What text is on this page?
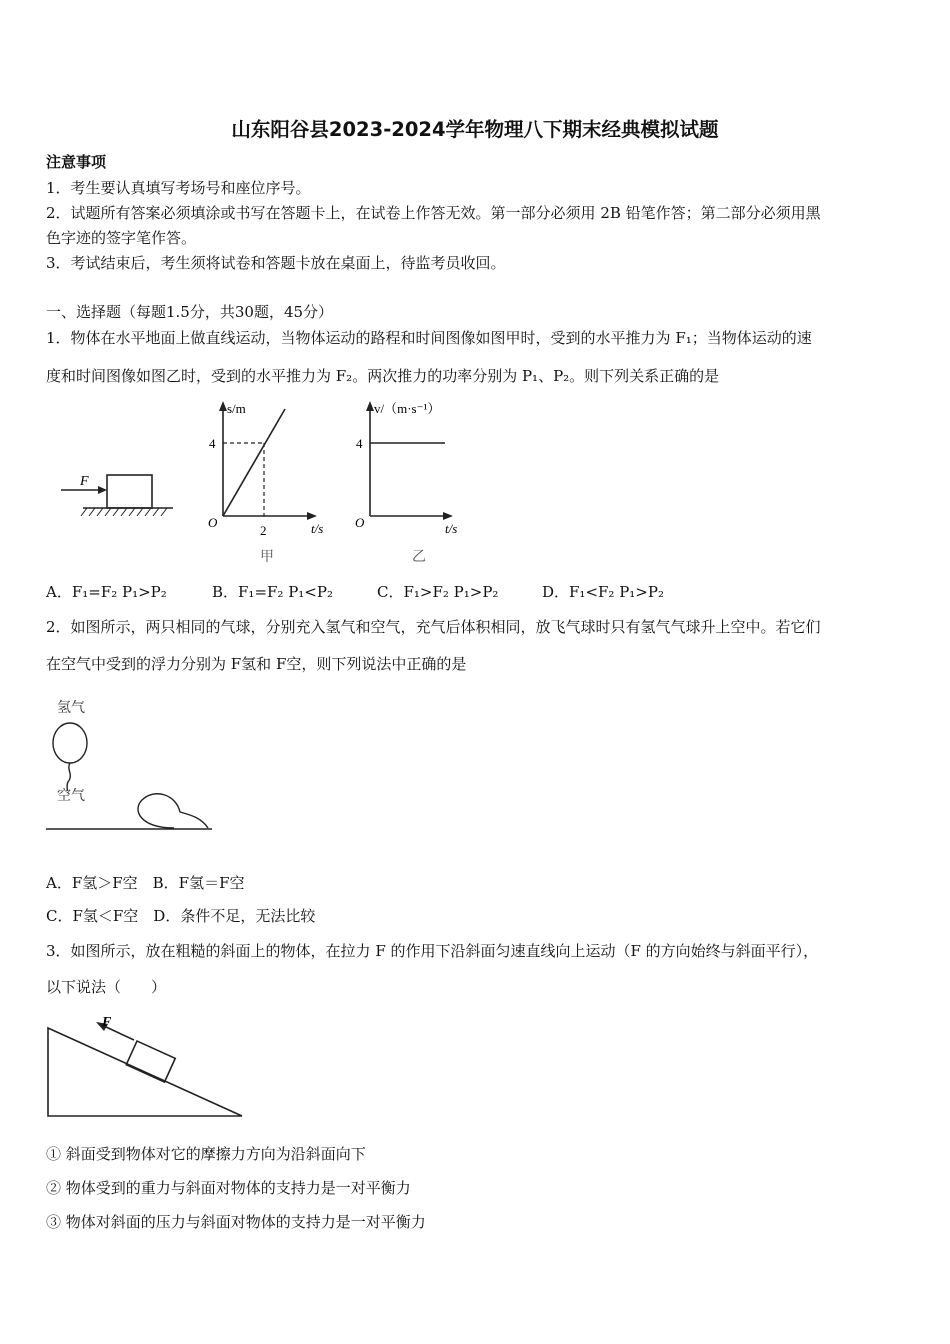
山东阳谷县2023-2024学年物理八下期末经典模拟试题
注意事项
1．考生要认真填写考场号和座位序号。
2．试题所有答案必须填涂或书写在答题卡上，在试卷上作答无效。第一部分必须用 2B 铅笔作答；第二部分必须用黑
色字迹的签字笔作答。
3．考试结束后，考生须将试卷和答题卡放在桌面上，待监考员收回。
一、选择题（每题1.5分，共30题，45分）
1．物体在水平地面上做直线运动，当物体运动的路程和时间图像如图甲时，受到的水平推力为 F₁；当物体运动的速
度和时间图像如图乙时，受到的水平推力为 F₂。两次推力的功率分别为 P₁、P₂。则下列关系正确的是
F
s/m
t/s
O
4
2
甲
v/（m·s⁻¹）
t/s
O
4
乙
A．F₁=F₂ P₁>P₂	B．F₁=F₂ P₁<P₂	C．F₁>F₂ P₁>P₂	D．F₁<F₂ P₁>P₂
2．如图所示，两只相同的气球，分别充入氢气和空气，充气后体积相同，放飞气球时只有氢气气球升上空中。若它们
在空气中受到的浮力分别为 F氢和 F空，则下列说法中正确的是
氢气
空气
A．F氢＞F空　B．F氢＝F空
C．F氢＜F空　D．条件不足，无法比较
3．如图所示，放在粗糙的斜面上的物体，在拉力 F 的作用下沿斜面匀速直线向上运动（F 的方向始终与斜面平行），
以下说法（　　）
F
① 斜面受到物体对它的摩擦力方向为沿斜面向下
② 物体受到的重力与斜面对物体的支持力是一对平衡力
③ 物体对斜面的压力与斜面对物体的支持力是一对平衡力
